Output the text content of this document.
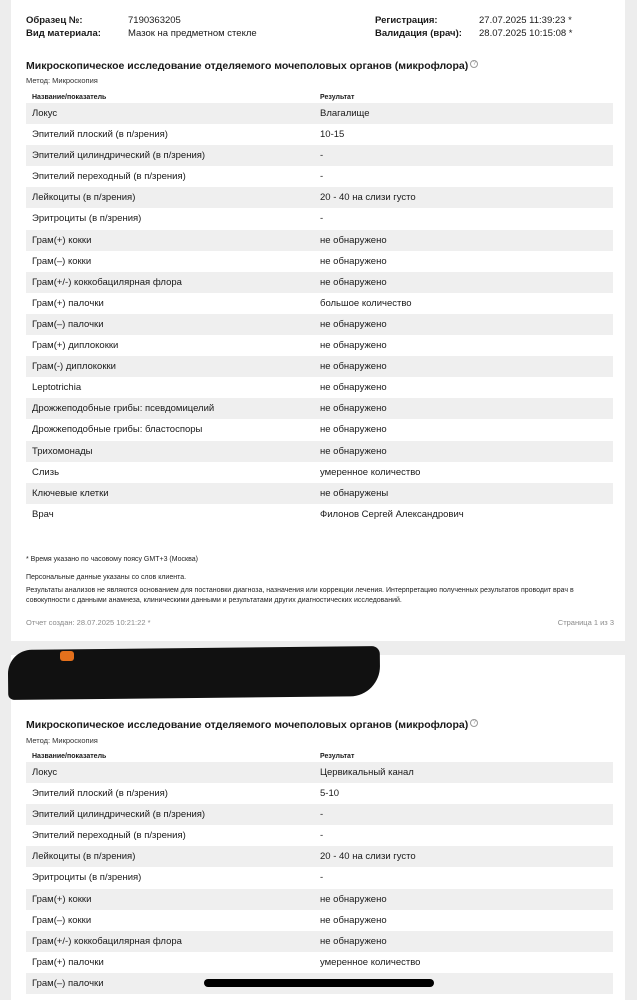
Образец №:	7190363205
Вид материала:	Мазок на предметном стекле
Регистрация:	27.07.2025 11:39:23 *
Валидация (врач): 28.07.2025 10:15:08 *
Микроскопическое исследование отделяемого мочеполовых органов (микрофлора) ?
Метод: Микроскопия
Название/показатель	Результат
Локус	Влагалище
Эпителий плоский (в п/зрения)	10-15
Эпителий цилиндрический (в п/зрения)	-
Эпителий переходный (в п/зрения)	-
Лейкоциты (в п/зрения)	20 - 40 на слизи густо
Эритроциты (в п/зрения)	-
Грам(+) кокки	не обнаружено
Грам(–) кокки	не обнаружено
Грам(+/-) коккобацилярная флора	не обнаружено
Грам(+) палочки	большое количество
Грам(–) палочки	не обнаружено
Грам(+) диплококки	не обнаружено
Грам(-) диплококки	не обнаружено
Leptotrichia	не обнаружено
Дрожжеподобные грибы: псевдомицелий	не обнаружено
Дрожжеподобные грибы: бластоспоры	не обнаружено
Трихомонады	не обнаружено
Слизь	умеренное количество
Ключевые клетки	не обнаружены
Врач	Филонов Сергей Александрович
* Время указано по часовому поясу GMT+3 (Москва)
Персональные данные указаны со слов клиента.
Результаты анализов не являются основанием для постановки диагноза, назначения или коррекции лечения. Интерпретацию полученных результатов проводит врач в совокупности с данными анамнеза, клиническими данными и результатами других диагностических исследований.
Отчет создан: 28.07.2025 10:21:22 *	Страница 1 из 3
Микроскопическое исследование отделяемого мочеполовых органов (микрофлора) ?
Метод: Микроскопия
Название/показатель	Результат
Локус	Цервикальный канал
Эпителий плоский (в п/зрения)	5-10
Эпителий цилиндрический (в п/зрения)	-
Эпителий переходный (в п/зрения)	-
Лейкоциты (в п/зрения)	20 - 40 на слизи густо
Эритроциты (в п/зрения)	-
Грам(+) кокки	не обнаружено
Грам(–) кокки	не обнаружено
Грам(+/-) коккобацилярная флора	не обнаружено
Грам(+) палочки	умеренное количество
Грам(–) палочки
